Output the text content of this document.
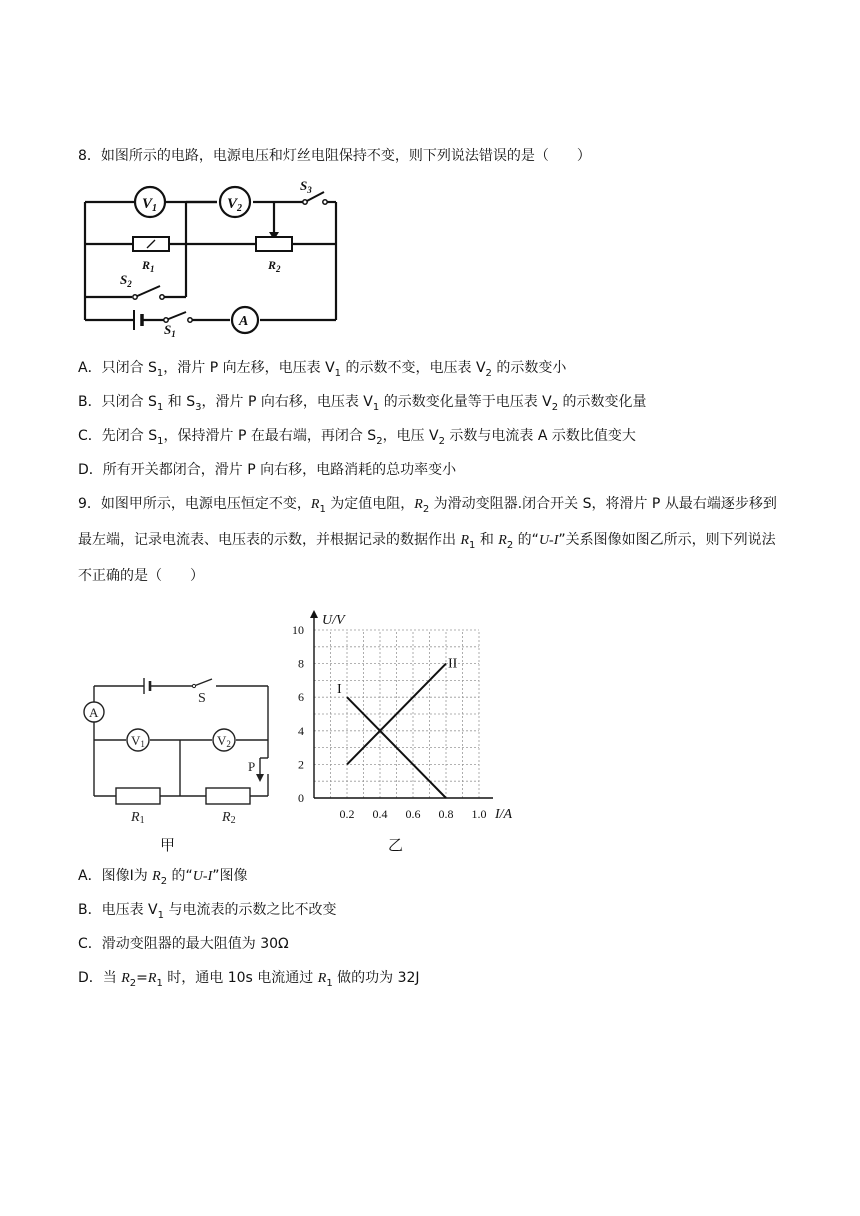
8．如图所示的电路，电源电压和灯丝电阻保持不变，则下列说法错误的是（　　）
$V_1$	$V_2$
$S_3$
$R_1$	$R_2$
$S_2$
$S_1$
A
A．只闭合 $S_1$，滑片 P 向左移，电压表 $V_1$ 的示数不变，电压表 $V_2$ 的示数变小
B．只闭合 $S_1$ 和 $S_3$，滑片 P 向右移，电压表 $V_1$ 的示数变化量等于电压表 $V_2$ 的示数变化量
C．先闭合 $S_1$，保持滑片 P 在最右端，再闭合 $S_2$，电压 $V_2$ 示数与电流表 A 示数比值变大
D．所有开关都闭合，滑片 P 向右移，电路消耗的总功率变小
9．如图甲所示，电源电压恒定不变，$R_1$ 为定值电阻，$R_2$ 为滑动变阻器.闭合开关 S，将滑片 P 从最右端逐步移到最左端，记录电流表、电压表的示数，并根据记录的数据作出 $R_1$ 和 $R_2$ 的“U-I”关系图像如图乙所示，则下列说法不正确的是（　　）
S
A
V1	V2
P
R1	R2
甲
U/V
I/A
0.2 0.4 0.6 0.8 1.0
0
2
4
6
8
10
I
II
乙
A．图像Ⅰ为 $R_2$ 的“U-I”图像
B．电压表 $V_1$ 与电流表的示数之比不改变
C．滑动变阻器的最大阻值为 30Ω
D．当 $R_2=R_1$ 时，通电 10s 电流通过 $R_1$ 做的功为 32J
